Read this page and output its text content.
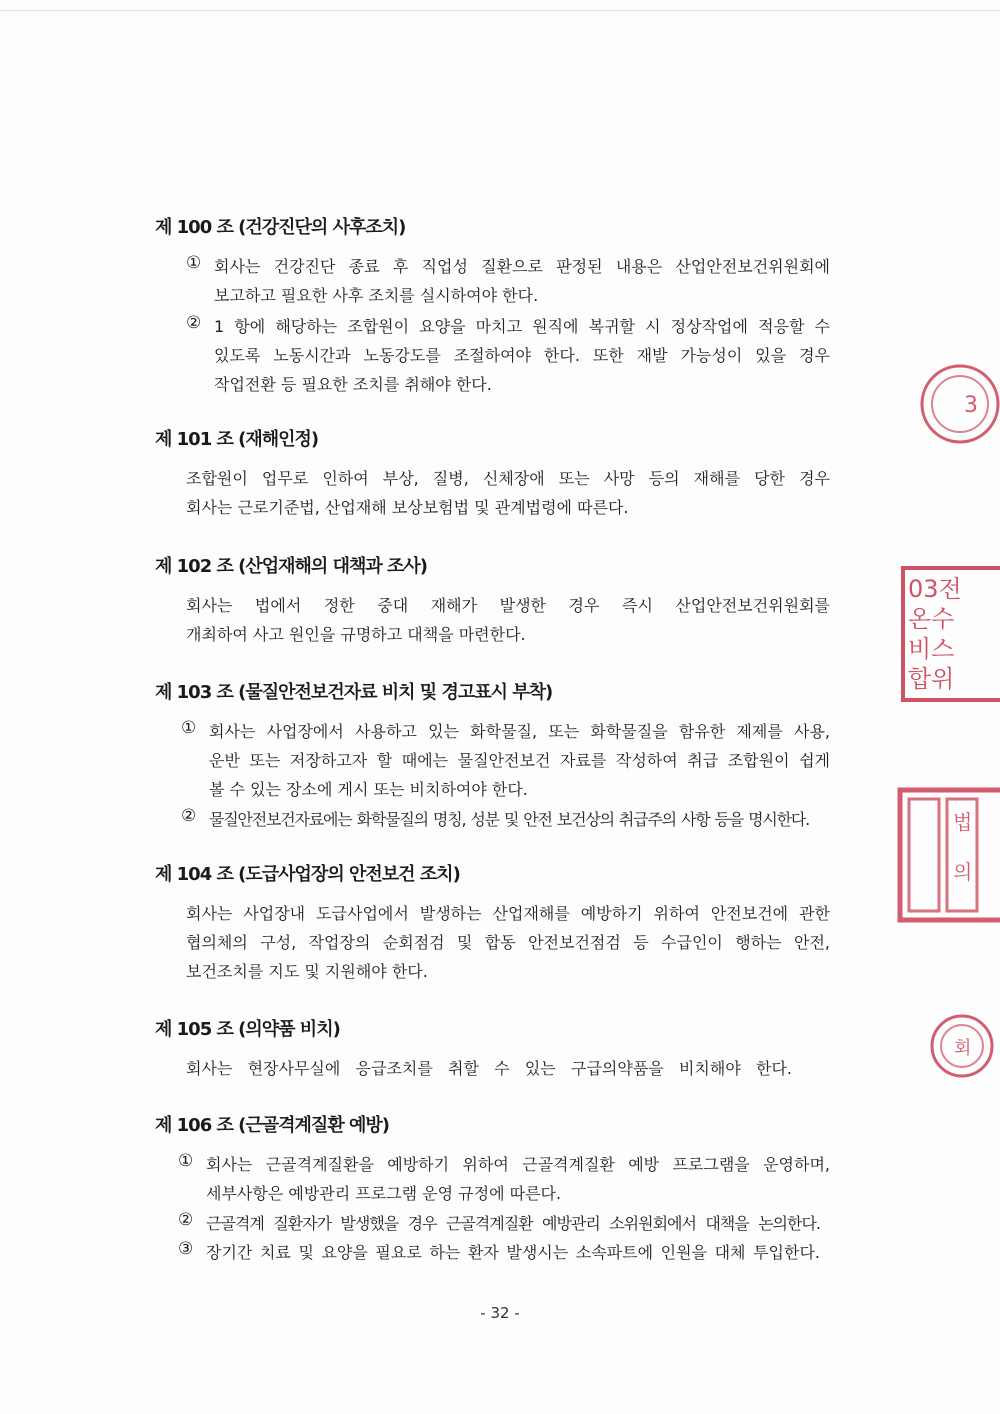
제 100 조 (건강진단의 사후조치)
① 회사는 건강진단 종료 후 직업성 질환으로 판정된 내용은 산업안전보건위원회에
보고하고 필요한 사후 조치를 실시하여야 한다.
② 1 항에 해당하는 조합원이 요양을 마치고 원직에 복귀할 시 정상작업에 적응할 수
있도록 노동시간과 노동강도를 조절하여야 한다. 또한 재발 가능성이 있을 경우
작업전환 등 필요한 조치를 취해야 한다.
제 101 조 (재해인정)
조합원이 업무로 인하여 부상, 질병, 신체장애 또는 사망 등의 재해를 당한 경우
회사는 근로기준법, 산업재해 보상보험법 및 관계법령에 따른다.
제 102 조 (산업재해의 대책과 조사)
회사는 법에서 정한 중대 재해가 발생한 경우 즉시 산업안전보건위원회를
개최하여 사고 원인을 규명하고 대책을 마련한다.
제 103 조 (물질안전보건자료 비치 및 경고표시 부착)
① 회사는 사업장에서 사용하고 있는 화학물질, 또는 화학물질을 함유한 제제를 사용,
운반 또는 저장하고자 할 때에는 물질안전보건 자료를 작성하여 취급 조합원이 쉽게
볼 수 있는 장소에 게시 또는 비치하여야 한다.
② 물질안전보건자료에는 화학물질의 명칭, 성분 및 안전 보건상의 취급주의 사항 등을 명시한다.
제 104 조 (도급사업장의 안전보건 조치)
회사는 사업장내 도급사업에서 발생하는 산업재해를 예방하기 위하여 안전보건에 관한
협의체의 구성, 작업장의 순회점검 및 합동 안전보건점검 등 수급인이 행하는 안전,
보건조치를 지도 및 지원해야 한다.
제 105 조 (의약품 비치)
회사는 현장사무실에 응급조치를 취할 수 있는 구급의약품을 비치해야 한다.
제 106 조 (근골격계질환 예방)
① 회사는 근골격계질환을 예방하기 위하여 근골격계질환 예방 프로그램을 운영하며,
세부사항은 예방관리 프로그램 운영 규정에 따른다.
② 근골격계 질환자가 발생했을 경우 근골격계질환 예방관리 소위원회에서 대책을 논의한다.
③ 장기간 치료 및 요양을 필요로 하는 환자 발생시는 소속파트에 인원을 대체 투입한다.
- 32 -
3
03전
온수
비스
합위
법
의
회
